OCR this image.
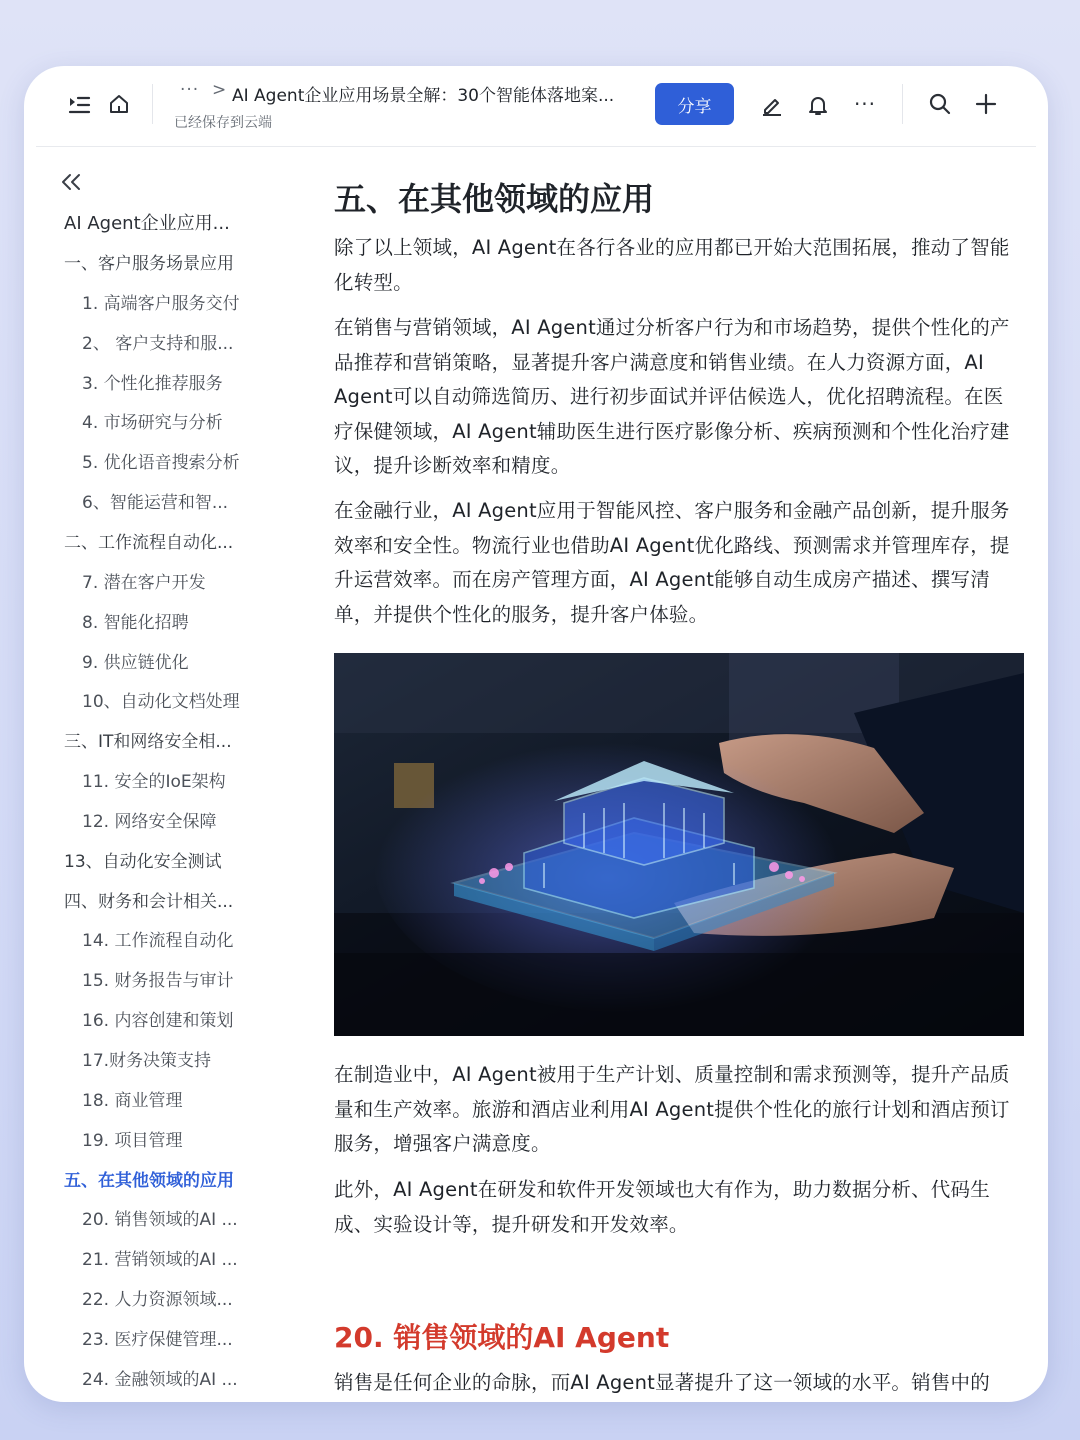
··· > AI Agent企业应用场景全解：30个智能体落地案...
已经保存到云端
分享	···
AI Agent企业应用...
一、客户服务场景应用
1. 高端客户服务交付
2、 客户支持和服...
3. 个性化推荐服务
4. 市场研究与分析
5. 优化语音搜索分析
6、智能运营和智...
二、工作流程自动化...
7. 潜在客户开发
8. 智能化招聘
9. 供应链优化
10、自动化文档处理
三、IT和网络安全相...
11. 安全的IoE架构
12. 网络安全保障
13、自动化安全测试
四、财务和会计相关...
14. 工作流程自动化
15. 财务报告与审计
16. 内容创建和策划
17.财务决策支持
18. 商业管理
19. 项目管理
五、在其他领域的应用
20. 销售领域的AI ...
21. 营销领域的AI ...
22. 人力资源领域...
23. 医疗保健管理...
24. 金融领域的AI ...
五、在其他领域的应用

除了以上领域，AI Agent在各行各业的应用都已开始大范围拓展，推动了智能化转型。

在销售与营销领域，AI Agent通过分析客户行为和市场趋势，提供个性化的产品推荐和营销策略，显著提升客户满意度和销售业绩。在人力资源方面，AI Agent可以自动筛选简历、进行初步面试并评估候选人，优化招聘流程。在医疗保健领域，AI Agent辅助医生进行医疗影像分析、疾病预测和个性化治疗建议，提升诊断效率和精度。

在金融行业，AI Agent应用于智能风控、客户服务和金融产品创新，提升服务效率和安全性。物流行业也借助AI Agent优化路线、预测需求并管理库存，提升运营效率。而在房产管理方面，AI Agent能够自动生成房产描述、撰写清单，并提供个性化的服务，提升客户体验。

在制造业中，AI Agent被用于生产计划、质量控制和需求预测等，提升产品质量和生产效率。旅游和酒店业利用AI Agent提供个性化的旅行计划和酒店预订服务，增强客户满意度。

此外，AI Agent在研发和软件开发领域也大有作为，助力数据分析、代码生成、实验设计等，提升研发和开发效率。

20. 销售领域的AI Agent

销售是任何企业的命脉，而AI Agent显著提升了这一领域的水平。销售中的
